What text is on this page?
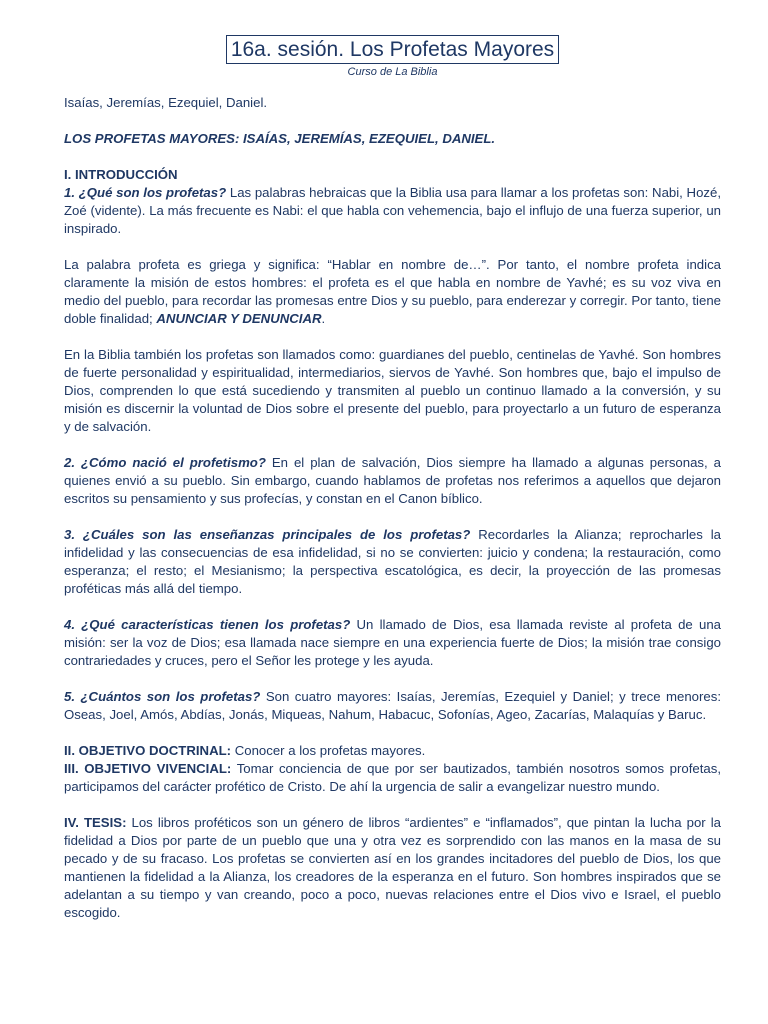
16a. sesión. Los Profetas Mayores
Curso de La Biblia

Isaías, Jeremías, Ezequiel, Daniel.

LOS PROFETAS MAYORES: ISAÍAS, JEREMÍAS, EZEQUIEL, DANIEL.

I. INTRODUCCIÓN

1. ¿Qué son los profetas? Las palabras hebraicas que la Biblia usa para llamar a los profetas son: Nabi, Hozé, Zoé (vidente). La más frecuente es Nabi: el que habla con vehemencia, bajo el influjo de una fuerza superior, un inspirado.

La palabra profeta es griega y significa: “Hablar en nombre de…”. Por tanto, el nombre profeta indica claramente la misión de estos hombres: el profeta es el que habla en nombre de Yavhé; es su voz viva en medio del pueblo, para recordar las promesas entre Dios y su pueblo, para enderezar y corregir. Por tanto, tiene doble finalidad; ANUNCIAR Y DENUNCIAR.

En la Biblia también los profetas son llamados como: guardianes del pueblo, centinelas de Yavhé. Son hombres de fuerte personalidad y espiritualidad, intermediarios, siervos de Yavhé. Son hombres que, bajo el impulso de Dios, comprenden lo que está sucediendo y transmiten al pueblo un continuo llamado a la conversión, y su misión es discernir la voluntad de Dios sobre el presente del pueblo, para proyectarlo a un futuro de esperanza y de salvación.

2. ¿Cómo nació el profetismo? En el plan de salvación, Dios siempre ha llamado a algunas personas, a quienes envió a su pueblo. Sin embargo, cuando hablamos de profetas nos referimos a aquellos que dejaron escritos su pensamiento y sus profecías, y constan en el Canon bíblico.

3. ¿Cuáles son las enseñanzas principales de los profetas? Recordarles la Alianza; reprocharles la infidelidad y las consecuencias de esa infidelidad, si no se convierten: juicio y condena; la restauración, como esperanza; el resto; el Mesianismo; la perspectiva escatológica, es decir, la proyección de las promesas proféticas más allá del tiempo.

4. ¿Qué características tienen los profetas? Un llamado de Dios, esa llamada reviste al profeta de una misión: ser la voz de Dios; esa llamada nace siempre en una experiencia fuerte de Dios; la misión trae consigo contrariedades y cruces, pero el Señor les protege y les ayuda.

5. ¿Cuántos son los profetas? Son cuatro mayores: Isaías, Jeremías, Ezequiel y Daniel; y trece menores: Oseas, Joel, Amós, Abdías, Jonás, Miqueas, Nahum, Habacuc, Sofonías, Ageo, Zacarías, Malaquías y Baruc.

II. OBJETIVO DOCTRINAL: Conocer a los profetas mayores.

III. OBJETIVO VIVENCIAL: Tomar conciencia de que por ser bautizados, también nosotros somos profetas, participamos del carácter profético de Cristo. De ahí la urgencia de salir a evangelizar nuestro mundo.

IV. TESIS: Los libros proféticos son un género de libros “ardientes” e “inflamados”, que pintan la lucha por la fidelidad a Dios por parte de un pueblo que una y otra vez es sorprendido con las manos en la masa de su pecado y de su fracaso. Los profetas se convierten así en los grandes incitadores del pueblo de Dios, los que mantienen la fidelidad a la Alianza, los creadores de la esperanza en el futuro. Son hombres inspirados que se adelantan a su tiempo y van creando, poco a poco, nuevas relaciones entre el Dios vivo e Israel, el pueblo escogido.
